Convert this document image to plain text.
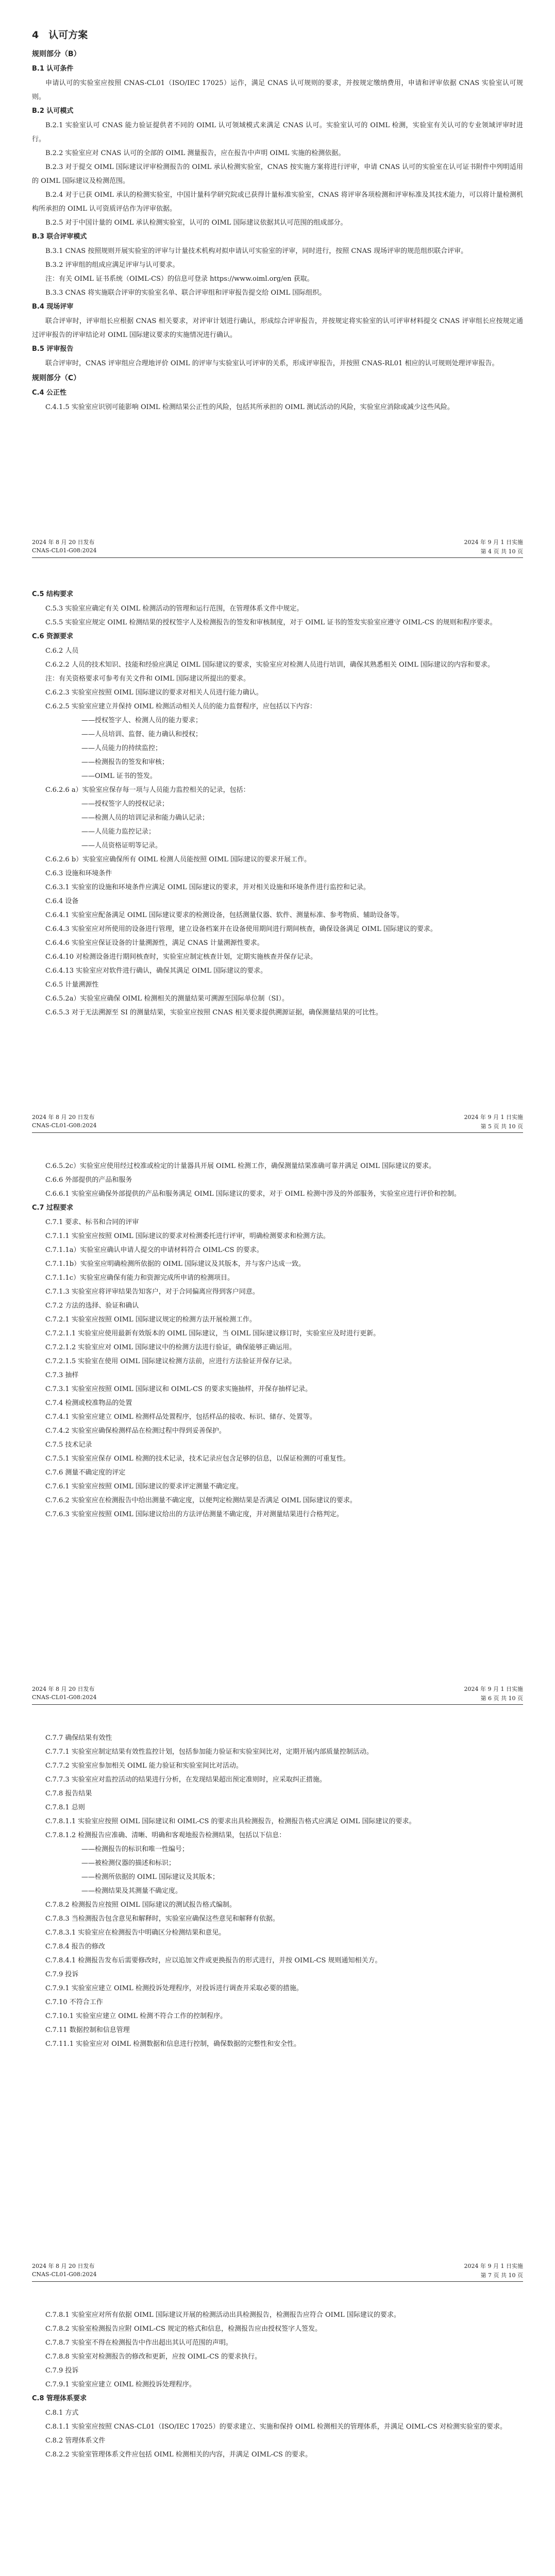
4　认可方案
规则部分（B）
B.1 认可条件

申请认可的实验室应按照 CNAS-CL01（ISO/IEC 17025）运作，满足 CNAS 认可规则的要求，并按规定缴纳费用，申请和评审依据 CNAS 实验室认可规则。

B.2 认可模式

B.2.1 实验室认可 CNAS 能力验证提供者不同的 OIML 认可领域模式来满足 CNAS 认可。实验室认可的 OIML 检测，实验室有关认可的专业领域评审时进行。

B.2.2 实验室应对 CNAS 认可的全部的 OIML 测量报告，应在报告中声明 OIML 实施的检测依据。

B.2.3 对于提交 OIML 国际建议评审检测报告的 OIML 承认检测实验室，CNAS 按实施方案将进行评审，申请 CNAS 认可的实验室在认可证书附件中列明适用的 OIML 国际建议及检测范围。

B.2.4 对于已获 OIML 承认的检测实验室，中国计量科学研究院或已获得计量标准实验室，CNAS 将评审各项检测和评审标准及其技术能力，可以将计量检测机构所承担的 OIML 认可资质评估作为评审依据。

B.2.5 对于中国计量的 OIML 承认检测实验室，认可的 OIML 国际建议依据其认可范围的组成部分。

B.3 联合评审模式

B.3.1 CNAS 按照规则开展实验室的评审与计量技术机构对拟申请认可实验室的评审，同时进行，按照 CNAS 现场评审的规范组织联合评审。

B.3.2 评审组的组成应满足评审与认可要求。

注：有关 OIML 证书系统（OIML-CS）的信息可登录 https://www.oiml.org/en 获取。

B.3.3 CNAS 将实施联合评审的实验室名单、联合评审组和评审报告提交给 OIML 国际组织。

B.4 现场评审

联合评审时，评审组长应根据 CNAS 相关要求，对评审计划进行确认，形成综合评审报告，并按规定将实验室的认可评审材料提交 CNAS 评审组长应按规定通过评审报告的评审结论对 OIML 国际建议要求的实施情况进行确认。

B.5 评审报告

联合评审时，CNAS 评审组应合理地评价 OIML 的评审与实验室认可评审的关系，形成评审报告，并按照 CNAS-RL01 相应的认可规则处理评审报告。

规则部分（C）
C.4 公正性

C.4.1.5 实验室应识别可能影响 OIML 检测结果公正性的风险，包括其所承担的 OIML 测试活动的风险，实验室应消除或减少这些风险。

2024 年 8 月 20 日发布	2024 年 9 月 1 日实施
CNAS-CL01-G08:2024	第 4 页 共 10 页
C.5 结构要求

C.5.3 实验室应确定有关 OIML 检测活动的管理和运行范围，在管理体系文件中规定。

C.5.5 实验室应规定 OIML 检测结果的授权签字人及检测报告的签发和审核制度，对于 OIML 证书的签发实验室应遵守 OIML-CS 的规则和程序要求。

C.6 资源要求

C.6.2 人员

C.6.2.2 人员的技术知识、技能和经验应满足 OIML 国际建议的要求，实验室应对检测人员进行培训，确保其熟悉相关 OIML 国际建议的内容和要求。

注：有关资格要求可参考有关文件和 OIML 国际建议所提出的要求。

C.6.2.3 实验室应按照 OIML 国际建议的要求对相关人员进行能力确认。

C.6.2.5 实验室应建立并保持 OIML 检测活动相关人员的能力监督程序，应包括以下内容：

——授权签字人、检测人员的能力要求；

——人员培训、监督、能力确认和授权；

——人员能力的持续监控；

——检测报告的签发和审核；

——OIML 证书的签发。

C.6.2.6 a）实验室应保存每一项与人员能力监控相关的记录，包括：

——授权签字人的授权记录；

——检测人员的培训记录和能力确认记录；

——人员能力监控记录；

——人员资格证明等记录。

C.6.2.6 b）实验室应确保所有 OIML 检测人员能按照 OIML 国际建议的要求开展工作。

C.6.3 设施和环境条件

C.6.3.1 实验室的设施和环境条件应满足 OIML 国际建议的要求，并对相关设施和环境条件进行监控和记录。

C.6.4 设备

C.6.4.1 实验室应配备满足 OIML 国际建议要求的检测设备，包括测量仪器、软件、测量标准、参考物质、辅助设备等。

C.6.4.3 实验室应对所使用的设备进行管理，建立设备档案并在设备使用期间进行期间核查，确保设备满足 OIML 国际建议的要求。

C.6.4.6 实验室应保证设备的计量溯源性，满足 CNAS 计量溯源性要求。

C.6.4.10 对检测设备进行期间核查时，实验室应制定核查计划，定期实施核查并保存记录。

C.6.4.13 实验室应对软件进行确认，确保其满足 OIML 国际建议的要求。

C.6.5 计量溯源性

C.6.5.2a）实验室应确保 OIML 检测相关的测量结果可溯源至国际单位制（SI）。

C.6.5.3 对于无法溯源至 SI 的测量结果，实验室应按照 CNAS 相关要求提供溯源证据，确保测量结果的可比性。

2024 年 8 月 20 日发布	2024 年 9 月 1 日实施
CNAS-CL01-G08:2024	第 5 页 共 10 页

C.6.5.2c）实验室应使用经过校准或检定的计量器具开展 OIML 检测工作，确保测量结果准确可靠并满足 OIML 国际建议的要求。

C.6.6 外部提供的产品和服务

C.6.6.1 实验室应确保外部提供的产品和服务满足 OIML 国际建议的要求，对于 OIML 检测中涉及的外部服务，实验室应进行评价和控制。

C.7 过程要求

C.7.1 要求、标书和合同的评审

C.7.1.1 实验室应按照 OIML 国际建议的要求对检测委托进行评审，明确检测要求和检测方法。

C.7.1.1a）实验室应确认申请人提交的申请材料符合 OIML-CS 的要求。

C.7.1.1b）实验室应明确检测所依据的 OIML 国际建议及其版本，并与客户达成一致。

C.7.1.1c）实验室应确保有能力和资源完成所申请的检测项目。

C.7.1.3 实验室应将评审结果告知客户，对于合同偏离应得到客户同意。

C.7.2 方法的选择、验证和确认

C.7.2.1 实验室应按照 OIML 国际建议规定的检测方法开展检测工作。

C.7.2.1.1 实验室应使用最新有效版本的 OIML 国际建议，当 OIML 国际建议修订时，实验室应及时进行更新。

C.7.2.1.2 实验室应对 OIML 国际建议中的检测方法进行验证，确保能够正确运用。

C.7.2.1.5 实验室在使用 OIML 国际建议检测方法前，应进行方法验证并保存记录。

C.7.3 抽样

C.7.3.1 实验室应按照 OIML 国际建议和 OIML-CS 的要求实施抽样，并保存抽样记录。

C.7.4 检测或校准物品的处置

C.7.4.1 实验室应建立 OIML 检测样品处置程序，包括样品的接收、标识、储存、处置等。

C.7.4.2 实验室应确保检测样品在检测过程中得到妥善保护。

C.7.5 技术记录

C.7.5.1 实验室应保存 OIML 检测的技术记录，技术记录应包含足够的信息，以保证检测的可重复性。

C.7.6 测量不确定度的评定

C.7.6.1 实验室应按照 OIML 国际建议的要求评定测量不确定度。

C.7.6.2 实验室应在检测报告中给出测量不确定度，以便判定检测结果是否满足 OIML 国际建议的要求。

C.7.6.3 实验室应按照 OIML 国际建议给出的方法评估测量不确定度，并对测量结果进行合格判定。

2024 年 8 月 20 日发布	2024 年 9 月 1 日实施
CNAS-CL01-G08:2024	第 6 页 共 10 页

C.7.7 确保结果有效性

C.7.7.1 实验室应制定结果有效性监控计划，包括参加能力验证和实验室间比对，定期开展内部质量控制活动。

C.7.7.2 实验室应参加相关 OIML 能力验证和实验室间比对活动。

C.7.7.3 实验室应对监控活动的结果进行分析，在发现结果超出预定准则时，应采取纠正措施。

C.7.8 报告结果

C.7.8.1 总则

C.7.8.1.1 实验室应按照 OIML 国际建议和 OIML-CS 的要求出具检测报告，检测报告格式应满足 OIML 国际建议的要求。

C.7.8.1.2 检测报告应准确、清晰、明确和客观地报告检测结果，包括以下信息：

——检测报告的标识和唯一性编号；

——被检测仪器的描述和标识；

——检测所依据的 OIML 国际建议及其版本；

——检测结果及其测量不确定度。

C.7.8.2 检测报告应按照 OIML 国际建议的测试报告格式编制。

C.7.8.3 当检测报告包含意见和解释时，实验室应确保这些意见和解释有依据。

C.7.8.3.1 实验室应在检测报告中明确区分检测结果和意见。

C.7.8.4 报告的修改

C.7.8.4.1 检测报告发布后需要修改时，应以追加文件或更换报告的形式进行，并按 OIML-CS 规则通知相关方。

C.7.9 投诉

C.7.9.1 实验室应建立 OIML 检测投诉处理程序，对投诉进行调查并采取必要的措施。

C.7.10 不符合工作

C.7.10.1 实验室应建立 OIML 检测不符合工作的控制程序。

C.7.11 数据控制和信息管理

C.7.11.1 实验室应对 OIML 检测数据和信息进行控制，确保数据的完整性和安全性。

2024 年 8 月 20 日发布	2024 年 9 月 1 日实施
CNAS-CL01-G08:2024	第 7 页 共 10 页

C.7.8.1 实验室应对所有依据 OIML 国际建议开展的检测活动出具检测报告，检测报告应符合 OIML 国际建议的要求。

C.7.8.2 实验室检测报告应附 OIML-CS 规定的格式和信息，检测报告应由授权签字人签发。

C.7.8.7 实验室不得在检测报告中作出超出其认可范围的声明。

C.7.8.8 实验室对检测报告的修改和更新，应按 OIML-CS 的要求执行。

C.7.9 投诉

C.7.9.1 实验室应建立 OIML 检测投诉处理程序。

C.8 管理体系要求

C.8.1 方式

C.8.1.1 实验室应按照 CNAS-CL01（ISO/IEC 17025）的要求建立、实施和保持 OIML 检测相关的管理体系，并满足 OIML-CS 对检测实验室的要求。

C.8.2 管理体系文件

C.8.2.2 实验室管理体系文件应包括 OIML 检测相关的内容，并满足 OIML-CS 的要求。
